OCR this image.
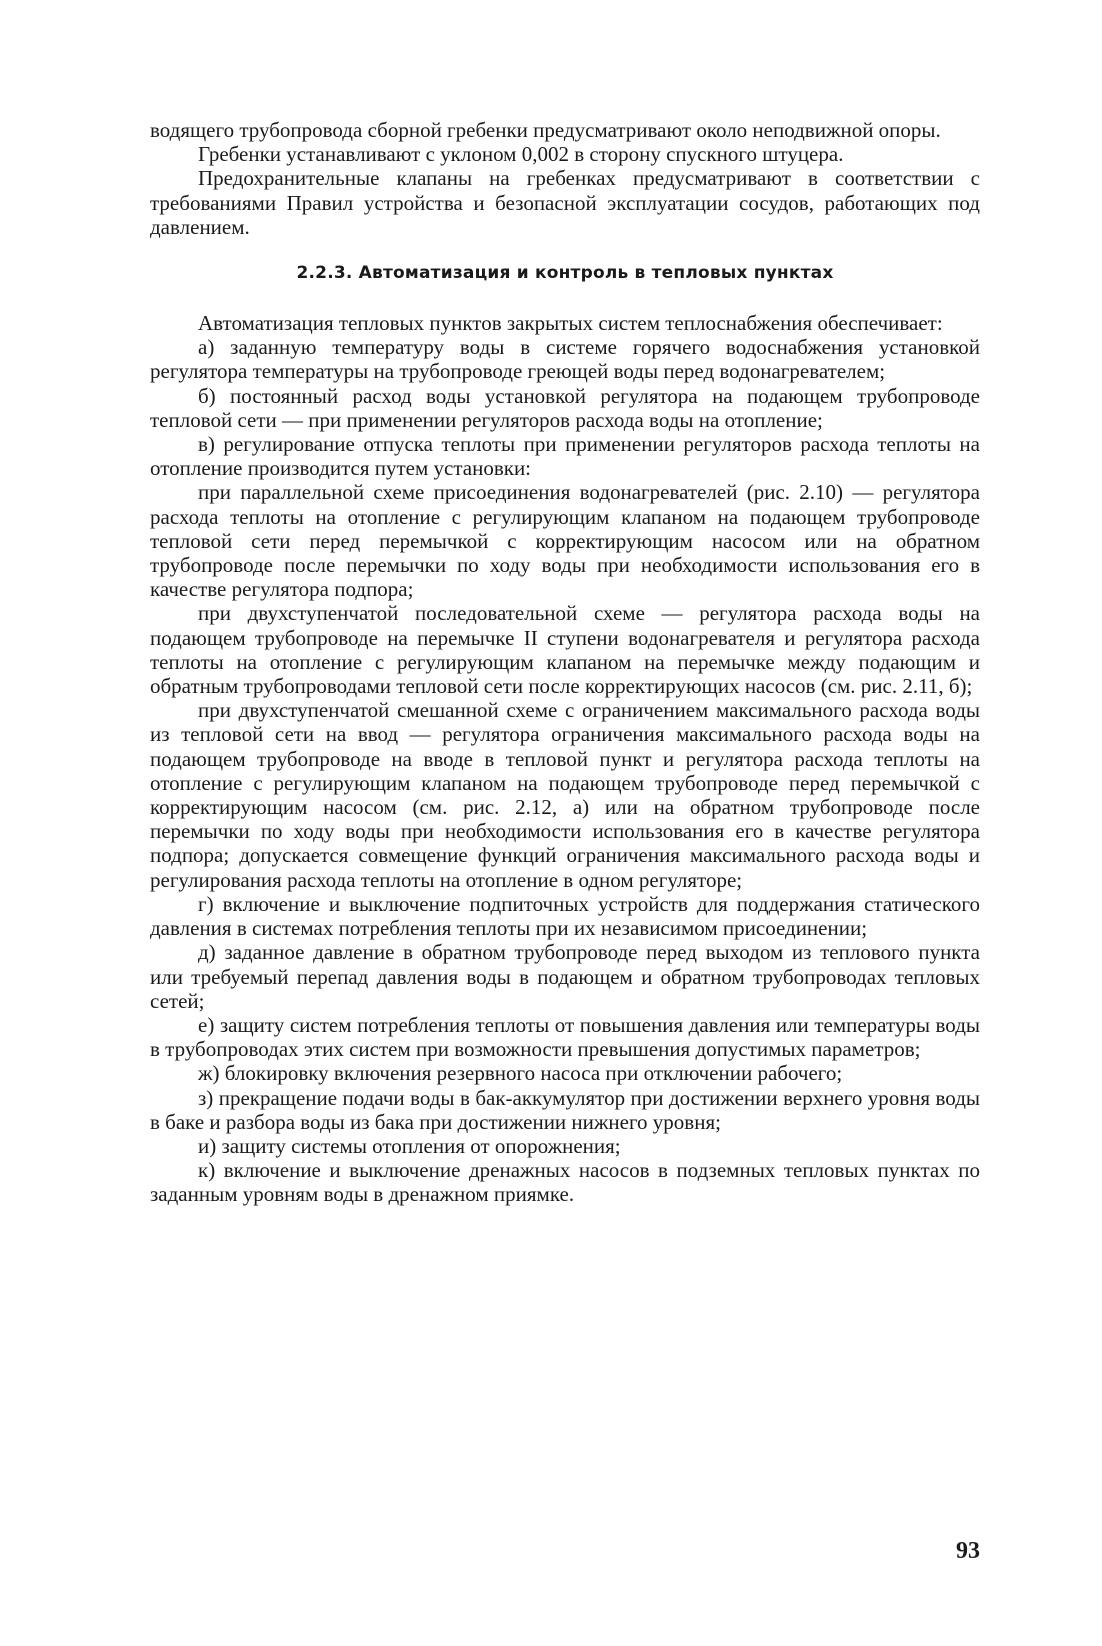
водящего трубопровода сборной гребенки предусматривают около неподвижной опоры.

Гребенки устанавливают с уклоном 0,002 в сторону спускного штуцера.

Предохранительные клапаны на гребенках предусматривают в соответствии с требованиями Правил устройства и безопасной эксплуатации сосудов, работающих под давлением.

2.2.3. Автоматизация и контроль в тепловых пунктах

Автоматизация тепловых пунктов закрытых систем теплоснабжения обеспечивает:

а) заданную температуру воды в системе горячего водоснабжения установкой регулятора температуры на трубопроводе греющей воды перед водонагревателем;

б) постоянный расход воды установкой регулятора на подающем трубопроводе тепловой сети — при применении регуляторов расхода воды на отопление;

в) регулирование отпуска теплоты при применении регуляторов расхода теплоты на отопление производится путем установки:

при параллельной схеме присоединения водонагревателей (рис. 2.10) — регулятора расхода теплоты на отопление с регулирующим клапаном на подающем трубопроводе тепловой сети перед перемычкой с корректирующим насосом или на обратном трубопроводе после перемычки по ходу воды при необходимости использования его в качестве регулятора подпора;

при двухступенчатой последовательной схеме — регулятора расхода воды на подающем трубопроводе на перемычке II ступени водонагревателя и регулятора расхода теплоты на отопление с регулирующим клапаном на перемычке между подающим и обратным трубопроводами тепловой сети после корректирующих насосов (см. рис. 2.11, б);

при двухступенчатой смешанной схеме с ограничением максимального расхода воды из тепловой сети на ввод — регулятора ограничения максимального расхода воды на подающем трубопроводе на вводе в тепловой пункт и регулятора расхода теплоты на отопление с регулирующим клапаном на подающем трубопроводе перед перемычкой с корректирующим насосом (см. рис. 2.12, а) или на обратном трубопроводе после перемычки по ходу воды при необходимости использования его в качестве регулятора подпора; допускается совмещение функций ограничения максимального расхода воды и регулирования расхода теплоты на отопление в одном регуляторе;

г) включение и выключение подпиточных устройств для поддержания статического давления в системах потребления теплоты при их независимом присоединении;

д) заданное давление в обратном трубопроводе перед выходом из теплового пункта или требуемый перепад давления воды в подающем и обратном трубопроводах тепловых сетей;

е) защиту систем потребления теплоты от повышения давления или температуры воды в трубопроводах этих систем при возможности превышения допустимых параметров;

ж) блокировку включения резервного насоса при отключении рабочего;

з) прекращение подачи воды в бак-аккумулятор при достижении верхнего уровня воды в баке и разбора воды из бака при достижении нижнего уровня;

и) защиту системы отопления от опорожнения;

к) включение и выключение дренажных насосов в подземных тепловых пунктах по заданным уровням воды в дренажном приямке.

93
